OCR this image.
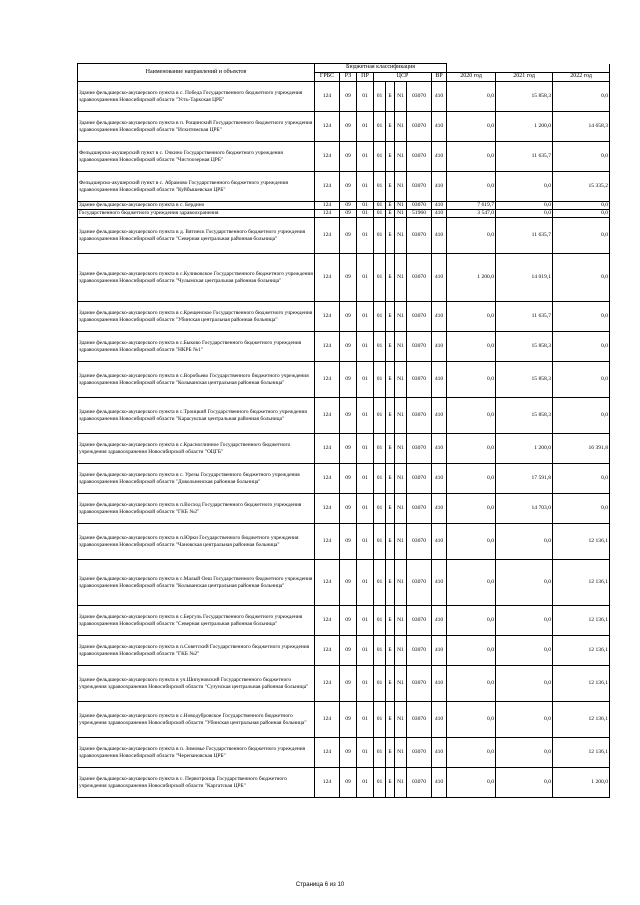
Наименование направлений и объектов	Бюджетная классификация										
	ГРБС	РЗ	ПР	ЦСР				ВР	2020 год	2021 год	2022 год
Здание фельдшерско-акушерского пункта в с. Победа Государственного бюджетного учреждения здравоохранения Новосибирской области "Усть-Таркская ЦРБ"	124	09	01	01	Б	N1	03070	410	0,0	15 858,3	0,0
Здание фельдшерско-акушерского пункта в п. Рощинский Государственного бюджетного учреждения здравоохранения Новосибирской области "Искитимская ЦРБ"	124	09	01	01	Б	N1	03070	410	0,0	1 200,0	14 658,3
Фельдшерско-акушерский пункт в с. Очкино Государственного бюджетного учреждения здравоохранения Новосибирской области "Чистоозерная ЦРБ"	124	09	01	01	Б	N1	03070	410	0,0	11 635,7	0,0
Фельдшерско-акушерский пункт в с. Абрамово Государственного бюджетного учреждения здравоохранения Новосибирской области "Куйбышевская ЦРБ"	124	09	01	01	Б	N1	03070	410	0,0	0,0	15 335,2
Здание фельдшерско-акушерского пункта в с. Бердино	124	09	01	01	Б	N1	03070	410	7 619,7	0,0	0,0
Государственного бюджетного учреждения здравоохранения	124	09	01	01	Б	N1	51960	410	3 547,0	0,0	0,0
Здание фельдшерско-акушерского пункта в д. Вятинск Государственного бюджетного учреждения здравоохранения Новосибирской области "Северная центральная районная больница"	124	09	01	01	Б	N1	03070	410	0,0	11 635,7	0,0
Здание фельдшерско-акушерского пункта в с.Куликовское Государственного бюджетного учреждения здравоохранения Новосибирской области "Чулымская центральная районная больница"	124	09	01	01	Б	N1	03070	410	1 200,0	14 019,1	0,0
Здание фельдшерско-акушерского пункта в с.Крещенское Государственного бюджетного учреждения здравоохранения Новосибирской области "Убинская центральная районная больница"	124	09	01	01	Б	N1	03070	410	0,0	11 635,7	0,0
Здание фельдшерско-акушерского пункта в с.Быково Государственного бюджетного учреждения здравоохранения Новосибирской области "НКРБ №1"	124	09	01	01	Б	N1	03070	410	0,0	15 858,3	0,0
Здание фельдшерско-акушерского пункта в с.Воробьево Государственного бюджетного учреждения здравоохранения Новосибирской области "Кольванская центральная районная больница"	124	09	01	01	Б	N1	03070	410	0,0	15 858,3	0,0
Здание фельдшерско-акушерского пункта в с.Троицкий Государственного бюджетного учреждения здравоохранения Новосибирской области "Карасукская центральная районная больница"	124	09	01	01	Б	N1	03070	410	0,0	15 858,3	0,0
Здание фельдшерско-акушерского пункта в с.Красноглинное Государственного бюджетного учреждения здравоохранения Новосибирской области "ОЦГБ"	124	09	01	01	Б	N1	03070	410	0,0	1 200,0	16 391,8
Здание фельдшерско-акушерского пункта в с. Урезы Государственного бюджетного учреждения здравоохранения Новосибирской области "Довольненская районная больница"	124	09	01	01	Б	N1	03070	410	0,0	17 591,8	0,0
Здание фельдшерско-акушерского пункта в п.Восход Государственного бюджетного учреждения здравоохранения Новосибирской области "ГКБ №2"	124	09	01	01	Б	N1	03070	410	0,0	14 703,0	0,0
Здание фельдшерско-акушерского пункта в п.Юрки Государственного бюджетного учреждения здравоохранения Новосибирской области "Чановская центральная районная больница"	124	09	01	01	Б	N1	03070	410	0,0	0,0	12 136,1
Здание фельдшерско-акушерского пункта в с.Малый Оеш Государственного бюджетного учреждения здравоохранения Новосибирской области "Кольванская центральная районная больница"	124	09	01	01	Б	N1	03070	410	0,0	0,0	12 136,1
Здание фельдшерско-акушерского пункта в с.Бергуль Государственного бюджетного учреждения здравоохранения Новосибирской области "Северная центральная районная больница"	124	09	01	01	Б	N1	03070	410	0,0	0,0	12 136,1
Здание фельдшерско-акушерского пункта в п.Советский Государственного бюджетного учреждения здравоохранения Новосибирской области "ГКБ №2"	124	09	01	01	Б	N1	03070	410	0,0	0,0	12 136,1
Здание фельдшерско-акушерского пункта в уч.Шипуновский Государственного бюджетного учреждения здравоохранения Новосибирской области "Сузунская центральная районная больница"	124	09	01	01	Б	N1	03070	410	0,0	0,0	12 136,1
Здание фельдшерско-акушерского пункта в с.Новодубровское Государственного бюджетного учреждения здравоохранения Новосибирской области "Убинская центральная районная больница"	124	09	01	01	Б	N1	03070	410	0,0	0,0	12 136,1
Здание фельдшерско-акушерского пункта в п. Зимовье Государственного бюджетного учреждения здравоохранения Новосибирской области "Черепановская ЦРБ"	124	09	01	01	Б	N1	03070	410	0,0	0,0	12 136,1
Здание фельдшерско-акушерского пункта в с. Первотроицк Государственного бюджетного учреждения здравоохранения Новосибирской области "Каргатская ЦРБ"	124	09	01	01	Б	N1	03070	410	0,0	0,0	1 200,0
Страница 6 из 10
